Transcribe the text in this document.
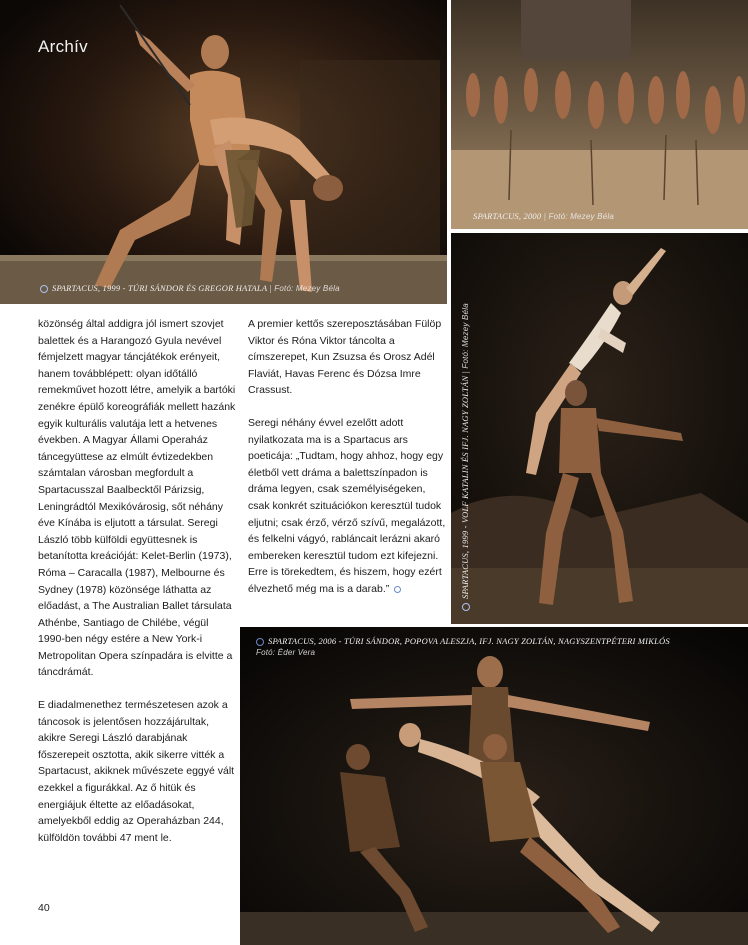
Archív
SPARTACUS, 1999 - TÚRI SÁNDOR ÉS GREGOR HATALA | Fotó: Mezey Béla
SPARTACUS, 2000 | Fotó: Mezey Béla
SPARTACUS, 1999 - VOLF KATALIN ÉS IFJ. NAGY ZOLTÁN | Fotó: Mezey Béla
SPARTACUS, 2006 - TÚRI SÁNDOR, POPOVA ALESZJA, IFJ. NAGY ZOLTÁN, NAGYSZENTPÉTERI MIKLÓS
Fotó: Éder Vera

közönség által addigra jól ismert szovjet balettek és a Harangozó Gyula nevével fémjelzett magyar táncjátékok erényeit, hanem továbblépett: olyan időtálló remekművet hozott létre, amelyik a bartóki zenékre épülő koreográfiák mellett hazánk egyik kulturális valutája lett a hetvenes években. A Magyar Állami Operaház táncegyüttese az elmúlt évtizedekben számtalan városban megfordult a Spartacusszal Baalbecktől Párizsig, Leningrádtól Mexikóvárosig, sőt néhány éve Kínába is eljutott a társulat. Seregi László több külföldi együttesnek is betanította kreációját: Kelet-Berlin (1973), Róma – Caracalla (1987), Melbourne és Sydney (1978) közönsége láthatta az előadást, a The Australian Ballet társulata Athénbe, Santiago de Chilébe, végül 1990-ben négy estére a New York-i Metropolitan Opera színpadára is elvitte a táncdrámát.

E diadalmenethez természetesen azok a táncosok is jelentősen hozzájárultak, akikre Seregi László darabjának főszerepeit osztotta, akik sikerre vitték a Spartacust, akiknek művészete eggyé vált ezekkel a figurákkal. Az ő hitük és energiájuk éltette az előadásokat, amelyekből eddig az Operaházban 244, külföldön további 47 ment le.

A premier kettős szereposztásában Fülöp Viktor és Róna Viktor táncolta a címszerepet, Kun Zsuzsa és Orosz Adél Flaviát, Havas Ferenc és Dózsa Imre Crassust.

Seregi néhány évvel ezelőtt adott nyilatkozata ma is a Spartacus ars poeticája: „Tudtam, hogy ahhoz, hogy egy életből vett dráma a balettszínpadon is dráma legyen, csak személyiségeken, csak konkrét szituációkon keresztül tudok eljutni; csak érző, vérző szívű, megalázott, és felkelni vágyó, rabláncait lerázni akaró embereken keresztül tudom ezt kifejezni. Erre is törekedtem, és hiszem, hogy ezért élvezhető még ma is a darab.”

40
